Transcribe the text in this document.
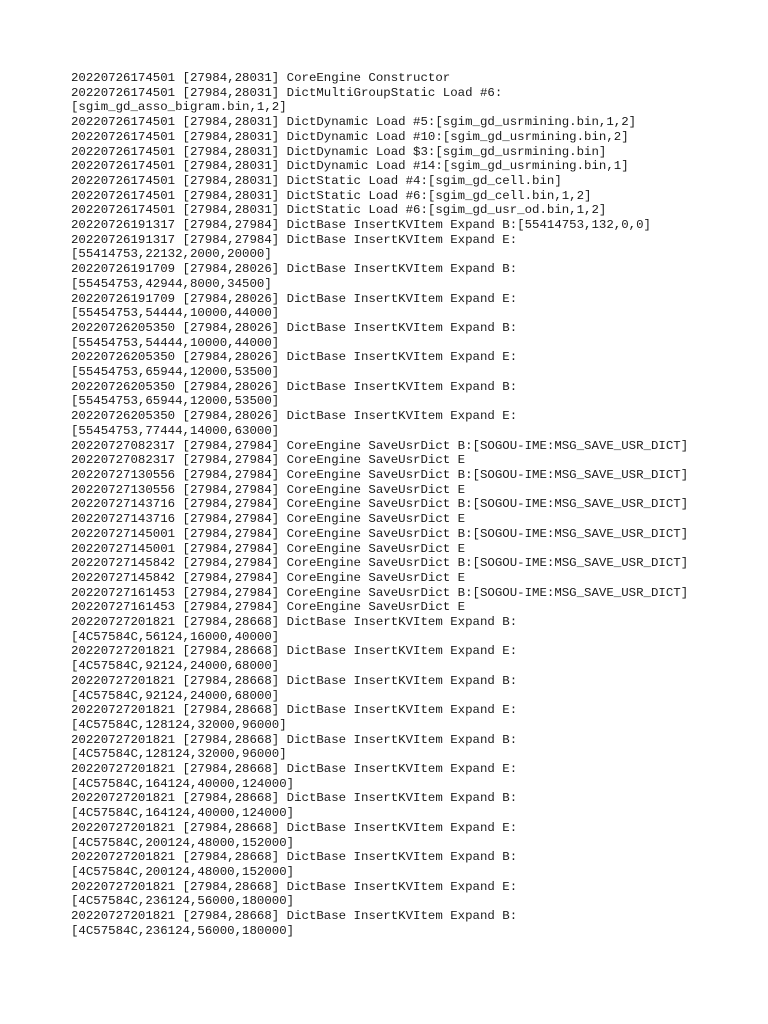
20220726174501 [27984,28031] CoreEngine Constructor
20220726174501 [27984,28031] DictMultiGroupStatic Load #6:
[sgim_gd_asso_bigram.bin,1,2]
20220726174501 [27984,28031] DictDynamic Load #5:[sgim_gd_usrmining.bin,1,2]
20220726174501 [27984,28031] DictDynamic Load #10:[sgim_gd_usrmining.bin,2]
20220726174501 [27984,28031] DictDynamic Load $3:[sgim_gd_usrmining.bin]
20220726174501 [27984,28031] DictDynamic Load #14:[sgim_gd_usrmining.bin,1]
20220726174501 [27984,28031] DictStatic Load #4:[sgim_gd_cell.bin]
20220726174501 [27984,28031] DictStatic Load #6:[sgim_gd_cell.bin,1,2]
20220726174501 [27984,28031] DictStatic Load #6:[sgim_gd_usr_od.bin,1,2]
20220726191317 [27984,27984] DictBase InsertKVItem Expand B:[55414753,132,0,0]
20220726191317 [27984,27984] DictBase InsertKVItem Expand E:
[55414753,22132,2000,20000]
20220726191709 [27984,28026] DictBase InsertKVItem Expand B:
[55454753,42944,8000,34500]
20220726191709 [27984,28026] DictBase InsertKVItem Expand E:
[55454753,54444,10000,44000]
20220726205350 [27984,28026] DictBase InsertKVItem Expand B:
[55454753,54444,10000,44000]
20220726205350 [27984,28026] DictBase InsertKVItem Expand E:
[55454753,65944,12000,53500]
20220726205350 [27984,28026] DictBase InsertKVItem Expand B:
[55454753,65944,12000,53500]
20220726205350 [27984,28026] DictBase InsertKVItem Expand E:
[55454753,77444,14000,63000]
20220727082317 [27984,27984] CoreEngine SaveUsrDict B:[SOGOU-IME:MSG_SAVE_USR_DICT]
20220727082317 [27984,27984] CoreEngine SaveUsrDict E
20220727130556 [27984,27984] CoreEngine SaveUsrDict B:[SOGOU-IME:MSG_SAVE_USR_DICT]
20220727130556 [27984,27984] CoreEngine SaveUsrDict E
20220727143716 [27984,27984] CoreEngine SaveUsrDict B:[SOGOU-IME:MSG_SAVE_USR_DICT]
20220727143716 [27984,27984] CoreEngine SaveUsrDict E
20220727145001 [27984,27984] CoreEngine SaveUsrDict B:[SOGOU-IME:MSG_SAVE_USR_DICT]
20220727145001 [27984,27984] CoreEngine SaveUsrDict E
20220727145842 [27984,27984] CoreEngine SaveUsrDict B:[SOGOU-IME:MSG_SAVE_USR_DICT]
20220727145842 [27984,27984] CoreEngine SaveUsrDict E
20220727161453 [27984,27984] CoreEngine SaveUsrDict B:[SOGOU-IME:MSG_SAVE_USR_DICT]
20220727161453 [27984,27984] CoreEngine SaveUsrDict E
20220727201821 [27984,28668] DictBase InsertKVItem Expand B:
[4C57584C,56124,16000,40000]
20220727201821 [27984,28668] DictBase InsertKVItem Expand E:
[4C57584C,92124,24000,68000]
20220727201821 [27984,28668] DictBase InsertKVItem Expand B:
[4C57584C,92124,24000,68000]
20220727201821 [27984,28668] DictBase InsertKVItem Expand E:
[4C57584C,128124,32000,96000]
20220727201821 [27984,28668] DictBase InsertKVItem Expand B:
[4C57584C,128124,32000,96000]
20220727201821 [27984,28668] DictBase InsertKVItem Expand E:
[4C57584C,164124,40000,124000]
20220727201821 [27984,28668] DictBase InsertKVItem Expand B:
[4C57584C,164124,40000,124000]
20220727201821 [27984,28668] DictBase InsertKVItem Expand E:
[4C57584C,200124,48000,152000]
20220727201821 [27984,28668] DictBase InsertKVItem Expand B:
[4C57584C,200124,48000,152000]
20220727201821 [27984,28668] DictBase InsertKVItem Expand E:
[4C57584C,236124,56000,180000]
20220727201821 [27984,28668] DictBase InsertKVItem Expand B:
[4C57584C,236124,56000,180000]
